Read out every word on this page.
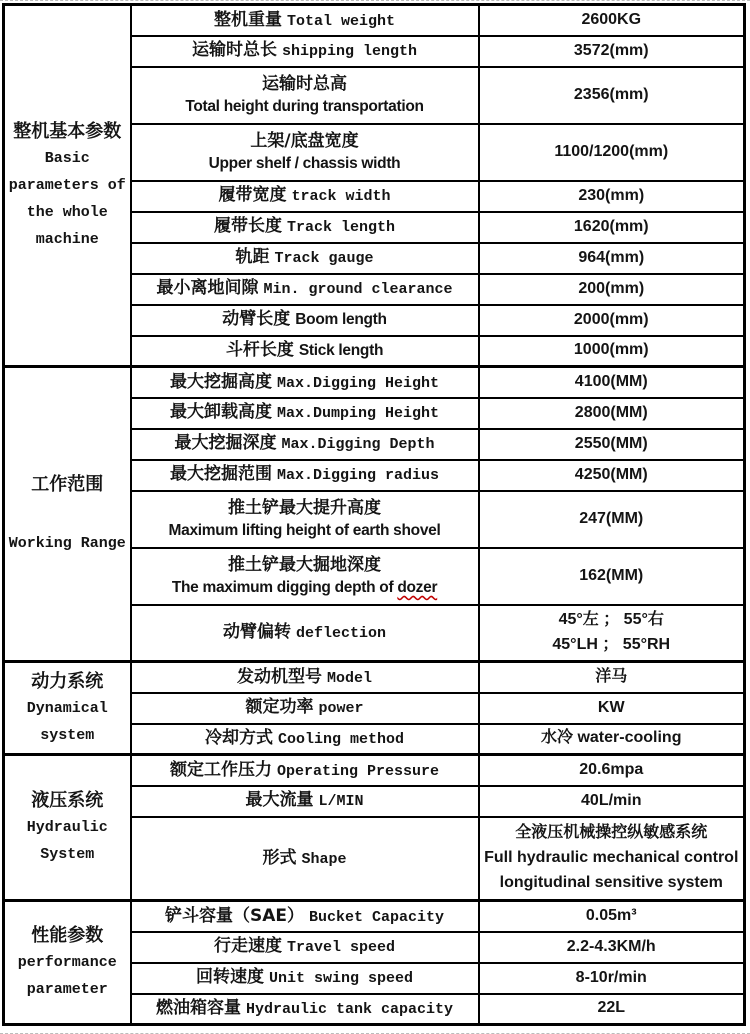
整机基本参数
Basic
parameters of
the whole
machine	整机重量 Total weight	2600KG

	运输时总长 shipping length	3572(mm)

	运输时总高
Total height during transportation	2356(mm)

	上架/底盘宽度
Upper shelf / chassis width	1100/1200(mm)

	履带宽度 track width	230(mm)

	履带长度 Track length	1620(mm)

	轨距 Track gauge	964(mm)

	最小离地间隙 Min. ground clearance	200(mm)

	动臂长度 Boom length	2000(mm)

	斗杆长度 Stick length	1000(mm)

工作范围
Working Range	最大挖掘高度 Max.Digging Height	4100(MM)

	最大卸载高度 Max.Dumping Height	2800(MM)

	最大挖掘深度 Max.Digging Depth	2550(MM)

	最大挖掘范围 Max.Digging radius	4250(MM)

	推土铲最大提升高度
Maximum lifting height of earth shovel	247(MM)

	推土铲最大掘地深度
The maximum digging depth of dozer	162(MM)

	动臂偏转 deflection	45°左 ； 55°右
45°LH ； 55°RH

动力系统
Dynamical
system	发动机型号 Model	洋马

	额定功率 power	KW

	冷却方式 Cooling method	水冷 water-cooling

液压系统
Hydraulic
System	额定工作压力 Operating Pressure	20.6mpa

	最大流量 L/MIN	40L/min

	形式 Shape	全液压机械操控纵敏感系统
Full hydraulic mechanical control
longitudinal sensitive system

性能参数
performance
parameter	铲斗容量（SAE） Bucket Capacity	0.05m³

	行走速度 Travel speed	2.2-4.3KM/h

	回转速度 Unit swing speed	8-10r/min

	燃油箱容量 Hydraulic tank capacity	22L
